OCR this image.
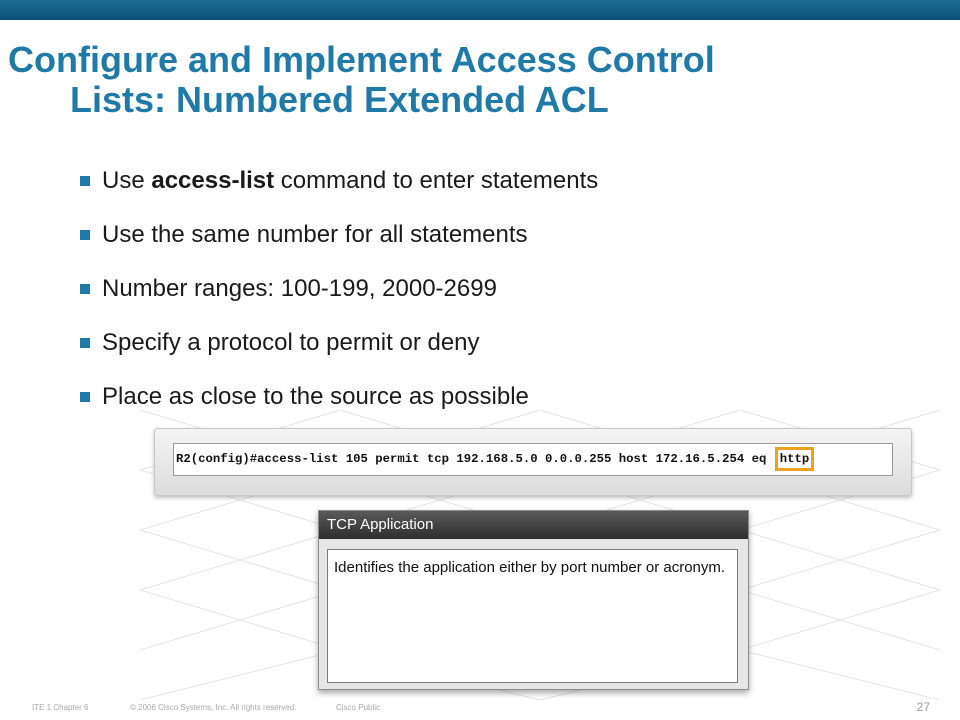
Configure and Implement Access Control
Lists: Numbered Extended ACL
Use access-list command to enter statements
Use the same number for all statements
Number ranges: 100-199, 2000-2699
Specify a protocol to permit or deny
Place as close to the source as possible
R2(config)#access-list 105 permit tcp 192.168.5.0 0.0.0.255 host 172.16.5.254 eq http
TCP Application
Identifies the application either by port number or acronym.
ITE 1 Chapter 6	© 2006 Cisco Systems, Inc. All rights reserved.	Cisco Public	27
